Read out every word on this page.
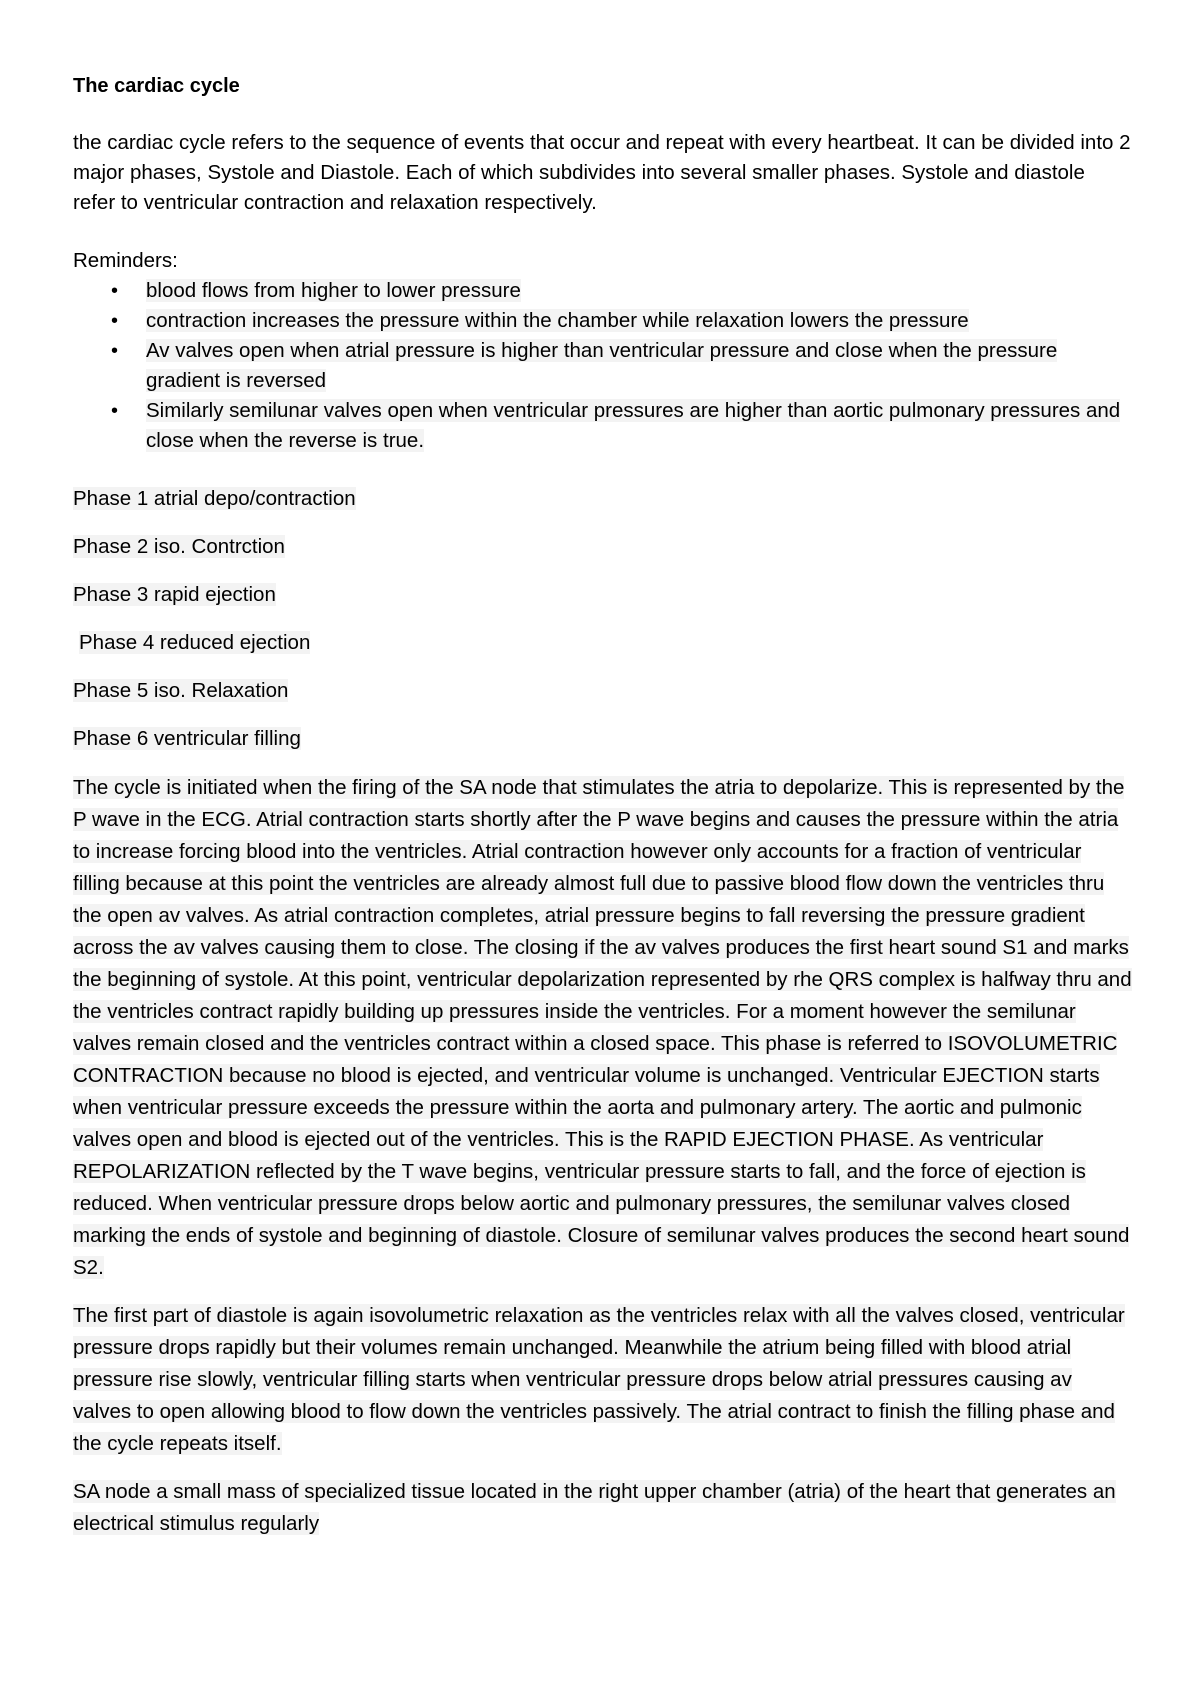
The cardiac cycle
the cardiac cycle refers to the sequence of events that occur and repeat with every heartbeat. It can be divided into 2 major phases, Systole and Diastole. Each of which subdivides into several smaller phases. Systole and diastole refer to ventricular contraction and relaxation respectively.
Reminders:
• blood flows from higher to lower pressure
• contraction increases the pressure within the chamber while relaxation lowers the pressure
• Av valves open when atrial pressure is higher than ventricular pressure and close when the pressure gradient is reversed
• Similarly semilunar valves open when ventricular pressures are higher than aortic pulmonary pressures and close when the reverse is true.
Phase 1 atrial depo/contraction
Phase 2 iso. Contrction
Phase 3 rapid ejection
Phase 4 reduced ejection
Phase 5 iso. Relaxation
Phase 6 ventricular filling
The cycle is initiated when the firing of the SA node that stimulates the atria to depolarize. This is represented by the P wave in the ECG. Atrial contraction starts shortly after the P wave begins and causes the pressure within the atria to increase forcing blood into the ventricles. Atrial contraction however only accounts for a fraction of ventricular filling because at this point the ventricles are already almost full due to passive blood flow down the ventricles thru the open av valves. As atrial contraction completes, atrial pressure begins to fall reversing the pressure gradient across the av valves causing them to close. The closing if the av valves produces the first heart sound S1 and marks the beginning of systole. At this point, ventricular depolarization represented by rhe QRS complex is halfway thru and the ventricles contract rapidly building up pressures inside the ventricles. For a moment however the semilunar valves remain closed and the ventricles contract within a closed space. This phase is referred to ISOVOLUMETRIC CONTRACTION because no blood is ejected, and ventricular volume is unchanged. Ventricular EJECTION starts when ventricular pressure exceeds the pressure within the aorta and pulmonary artery. The aortic and pulmonic valves open and blood is ejected out of the ventricles. This is the RAPID EJECTION PHASE. As ventricular REPOLARIZATION reflected by the T wave begins, ventricular pressure starts to fall, and the force of ejection is reduced. When ventricular pressure drops below aortic and pulmonary pressures, the semilunar valves closed marking the ends of systole and beginning of diastole. Closure of semilunar valves produces the second heart sound S2.
The first part of diastole is again isovolumetric relaxation as the ventricles relax with all the valves closed, ventricular pressure drops rapidly but their volumes remain unchanged. Meanwhile the atrium being filled with blood atrial pressure rise slowly, ventricular filling starts when ventricular pressure drops below atrial pressures causing av valves to open allowing blood to flow down the ventricles passively. The atrial contract to finish the filling phase and the cycle repeats itself.
SA node a small mass of specialized tissue located in the right upper chamber (atria) of the heart that generates an electrical stimulus regularly
